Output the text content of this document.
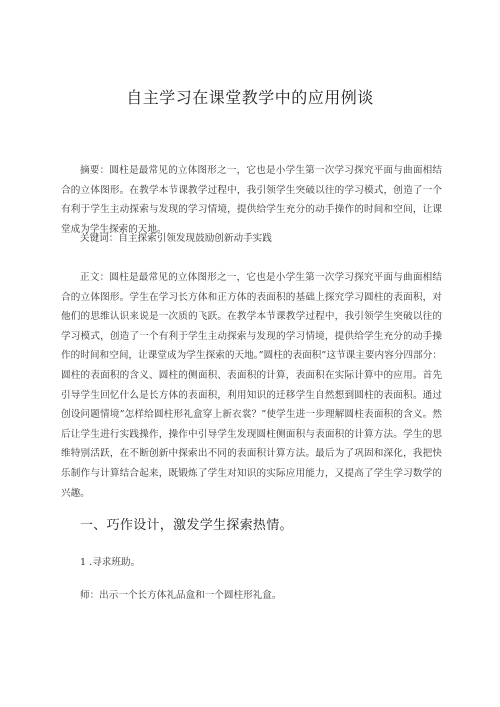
自主学习在课堂教学中的应用例谈

摘要：圆柱是最常见的立体图形之一，它也是小学生第一次学习探究平面与曲面相结合的立体图形。在教学本节课教学过程中，我引领学生突破以往的学习模式，创造了一个有利于学生主动探索与发现的学习情境，提供给学生充分的动手操作的时间和空间，让课堂成为学生探索的天地。

关键词：自主探索引领发现鼓励创新动手实践

正文：圆柱是最常见的立体图形之一，它也是小学生第一次学习探究平面与曲面相结合的立体图形。学生在学习长方体和正方体的表面积的基础上探究学习圆柱的表面积，对他们的思维认识来说是一次质的飞跃。在教学本节课教学过程中，我引领学生突破以往的学习模式，创造了一个有利于学生主动探索与发现的学习情境，提供给学生充分的动手操作的时间和空间，让课堂成为学生探索的天地。”圆柱的表面积”这节课主要内容分四部分：圆柱的表面积的含义、圆柱的侧面积、表面积的计算，表面积在实际计算中的应用。首先引导学生回忆什么是长方体的表面积，利用知识的迁移学生自然想到圆柱的表面积。通过创设问题情境”怎样给圆柱形礼盒穿上新衣裳？”使学生进一步理解圆柱表面积的含义。然后让学生进行实践操作，操作中引导学生发现圆柱侧面积与表面积的计算方法。学生的思维特别活跃，在不断创新中探索出不同的表面积计算方法。最后为了巩固和深化，我把快乐制作与计算结合起来，既锻炼了学生对知识的实际应用能力，又提高了学生学习数学的兴趣。

一、巧作设计，激发学生探索热情。
1 .寻求班助。
师：出示一个长方体礼品盒和一个圆柱形礼盒。
